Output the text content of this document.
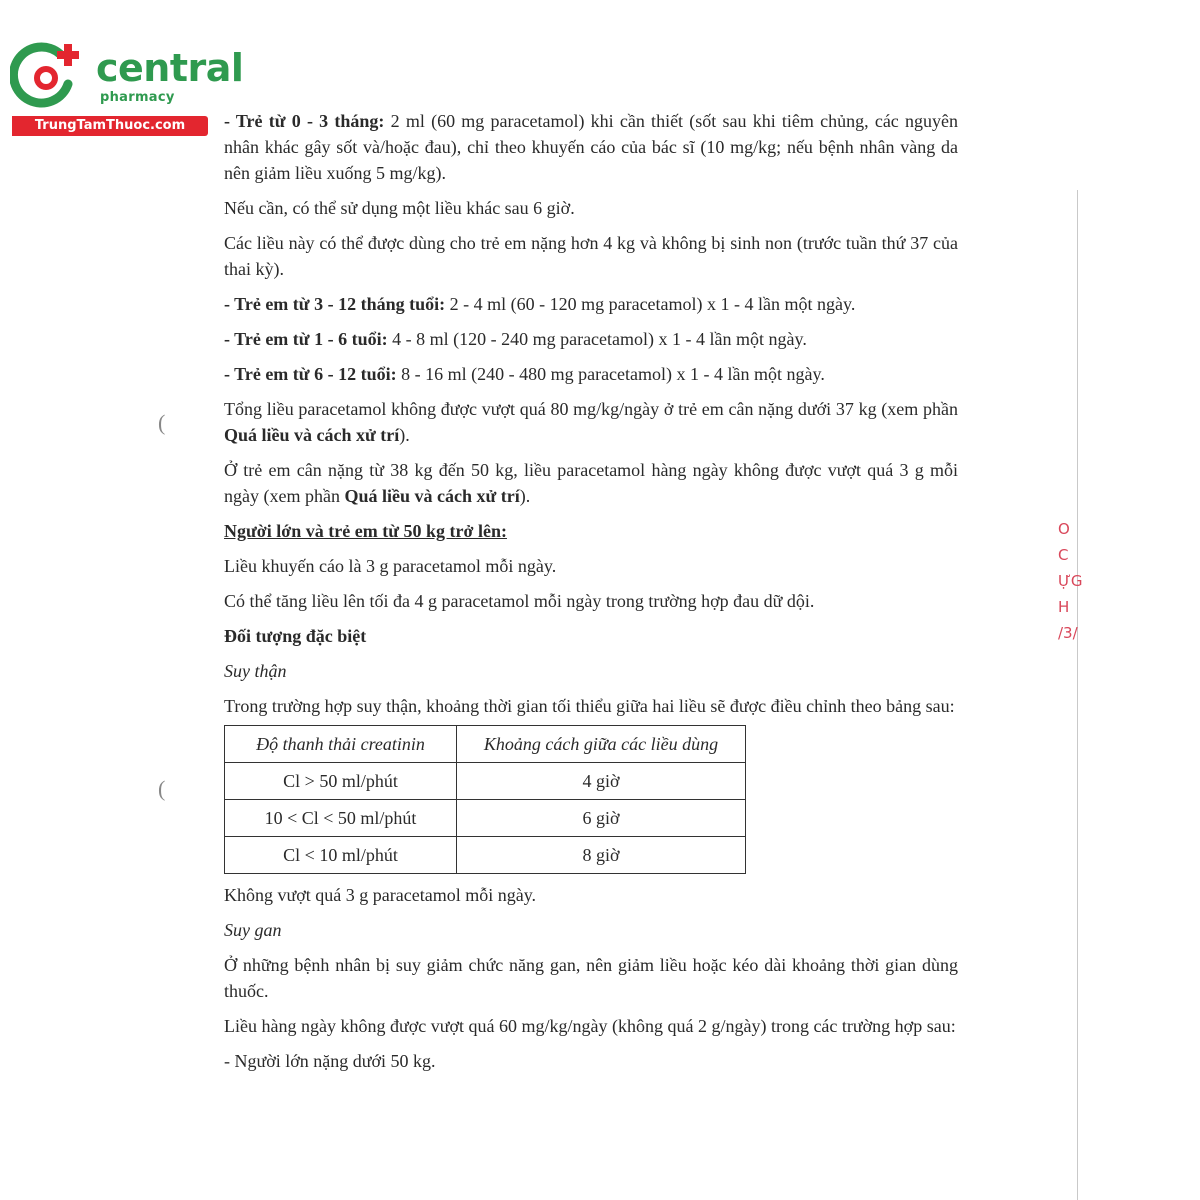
central
pharmacy
TrungTamThuoc.com
(
(
Ο
C
ỰG
H
/3/

- Trẻ từ 0 - 3 tháng: 2 ml (60 mg paracetamol) khi cần thiết (sốt sau khi tiêm chủng, các nguyên nhân khác gây sốt và/hoặc đau), chỉ theo khuyến cáo của bác sĩ (10 mg/kg; nếu bệnh nhân vàng da nên giảm liều xuống 5 mg/kg).

Nếu cần, có thể sử dụng một liều khác sau 6 giờ.

Các liều này có thể được dùng cho trẻ em nặng hơn 4 kg và không bị sinh non (trước tuần thứ 37 của thai kỳ).

- Trẻ em từ 3 - 12 tháng tuổi: 2 - 4 ml (60 - 120 mg paracetamol) x 1 - 4 lần một ngày.

- Trẻ em từ 1 - 6 tuổi: 4 - 8 ml (120 - 240 mg paracetamol) x 1 - 4 lần một ngày.

- Trẻ em từ 6 - 12 tuổi: 8 - 16 ml (240 - 480 mg paracetamol) x 1 - 4 lần một ngày.

Tổng liều paracetamol không được vượt quá 80 mg/kg/ngày ở trẻ em cân nặng dưới 37 kg (xem phần Quá liều và cách xử trí).

Ở trẻ em cân nặng từ 38 kg đến 50 kg, liều paracetamol hàng ngày không được vượt quá 3 g mỗi ngày (xem phần Quá liều và cách xử trí).

Người lớn và trẻ em từ 50 kg trở lên:

Liều khuyến cáo là 3 g paracetamol mỗi ngày.

Có thể tăng liều lên tối đa 4 g paracetamol mỗi ngày trong trường hợp đau dữ dội.

Đối tượng đặc biệt

Suy thận

Trong trường hợp suy thận, khoảng thời gian tối thiểu giữa hai liều sẽ được điều chỉnh theo bảng sau:

Độ thanh thải creatinin	Khoảng cách giữa các liều dùng
Cl > 50 ml/phút	4 giờ
10 < Cl < 50 ml/phút	6 giờ
Cl < 10 ml/phút	8 giờ

Không vượt quá 3 g paracetamol mỗi ngày.

Suy gan

Ở những bệnh nhân bị suy giảm chức năng gan, nên giảm liều hoặc kéo dài khoảng thời gian dùng thuốc.

Liều hàng ngày không được vượt quá 60 mg/kg/ngày (không quá 2 g/ngày) trong các trường hợp sau:

- Người lớn nặng dưới 50 kg.
